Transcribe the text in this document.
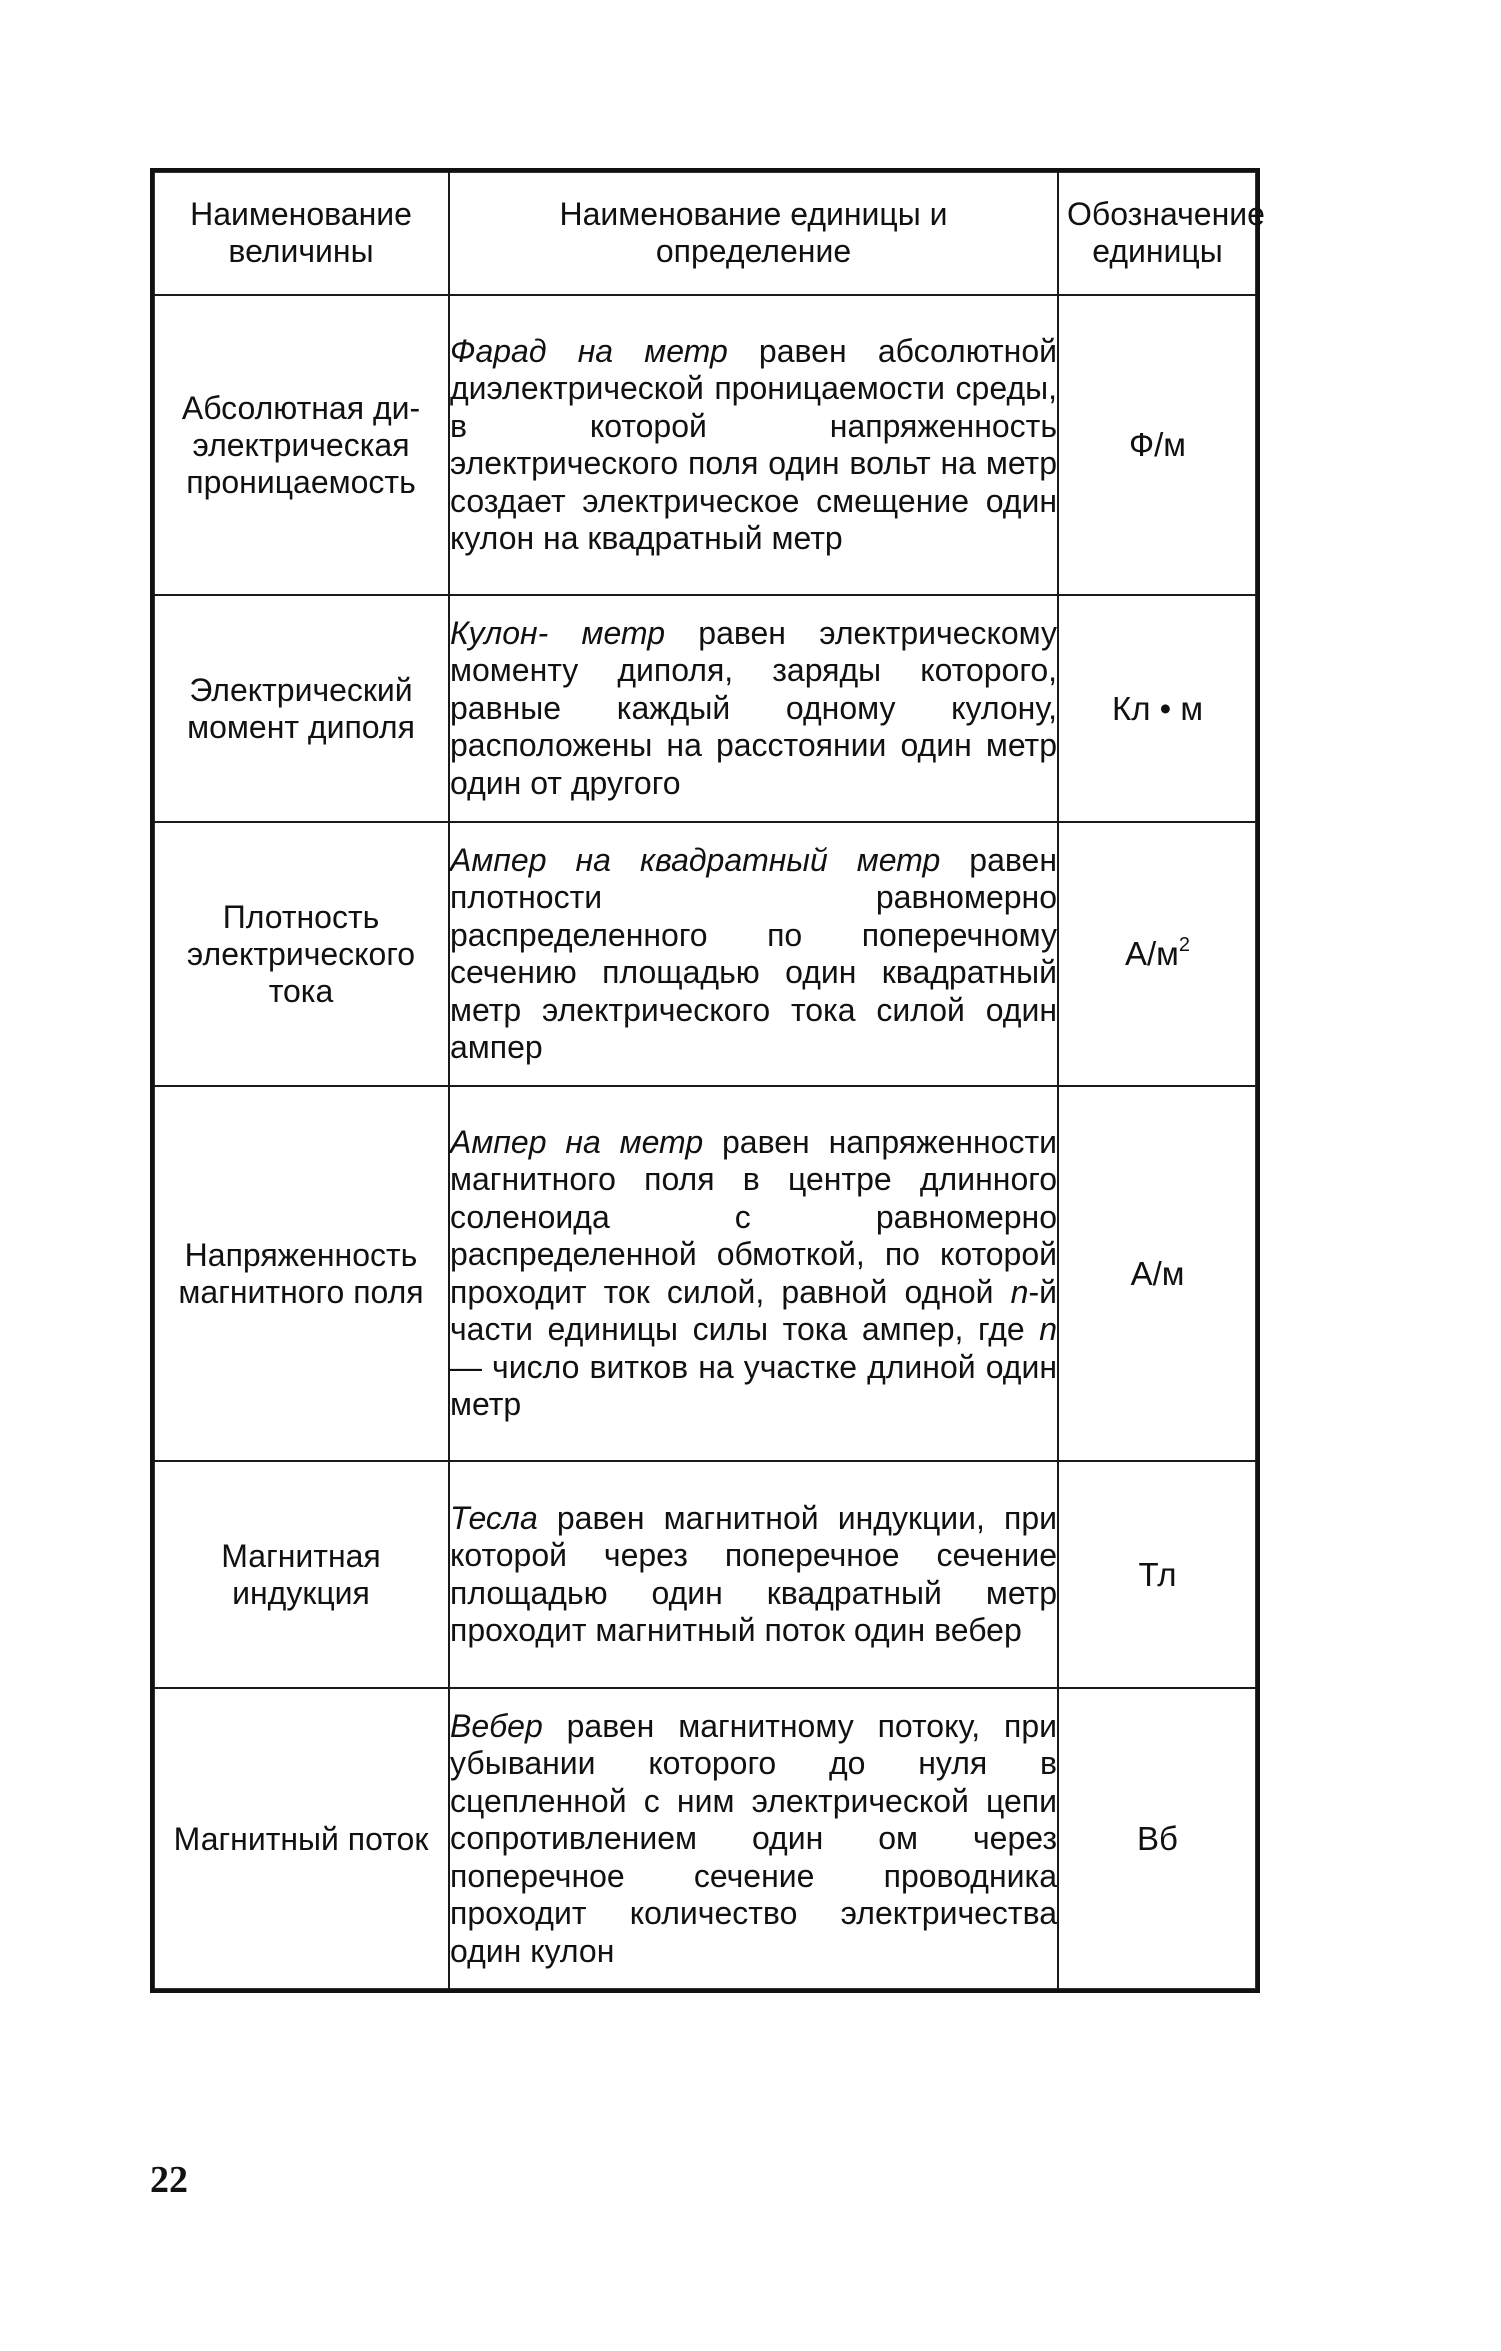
Наименование величины	Наименование единицы и определение	Обозначение единицы
Абсолютная ди-электрическая проницаемость	Фарад на метр равен абсолютной диэлектрической проницаемости среды, в которой напряженность электрического поля один вольт на метр создает электрическое смещение один кулон на квадратный метр	Ф/м
Электрический момент диполя	Кулон- метр равен электрическому моменту диполя, заряды которого, равные каждый одному кулону, расположены на расстоянии один метр один от другого	Кл • м
Плотность электрического тока	Ампер на квадратный метр равен плотности равномерно распределенного по поперечному сечению площадью один квадратный метр электрического тока силой один ампер	$А/м^2$
Напряженность магнитного поля	Ампер на метр равен напряженности магнитного поля в центре длинного соленоида с равномерно распределенной обмоткой, по которой проходит ток силой, равной одной n-й части единицы силы тока ампер, где n — число витков на участке длиной один метр	А/м
Магнитная индукция	Тесла равен магнитной индукции, при которой через поперечное сечение площадью один квадратный метр проходит магнитный поток один вебер	Тл
Магнитный поток	Вебер равен магнитному потоку, при убывании которого до нуля в сцепленной с ним электрической цепи сопротивлением один ом через поперечное сечение проводника проходит количество электричества один кулон	Вб
22
